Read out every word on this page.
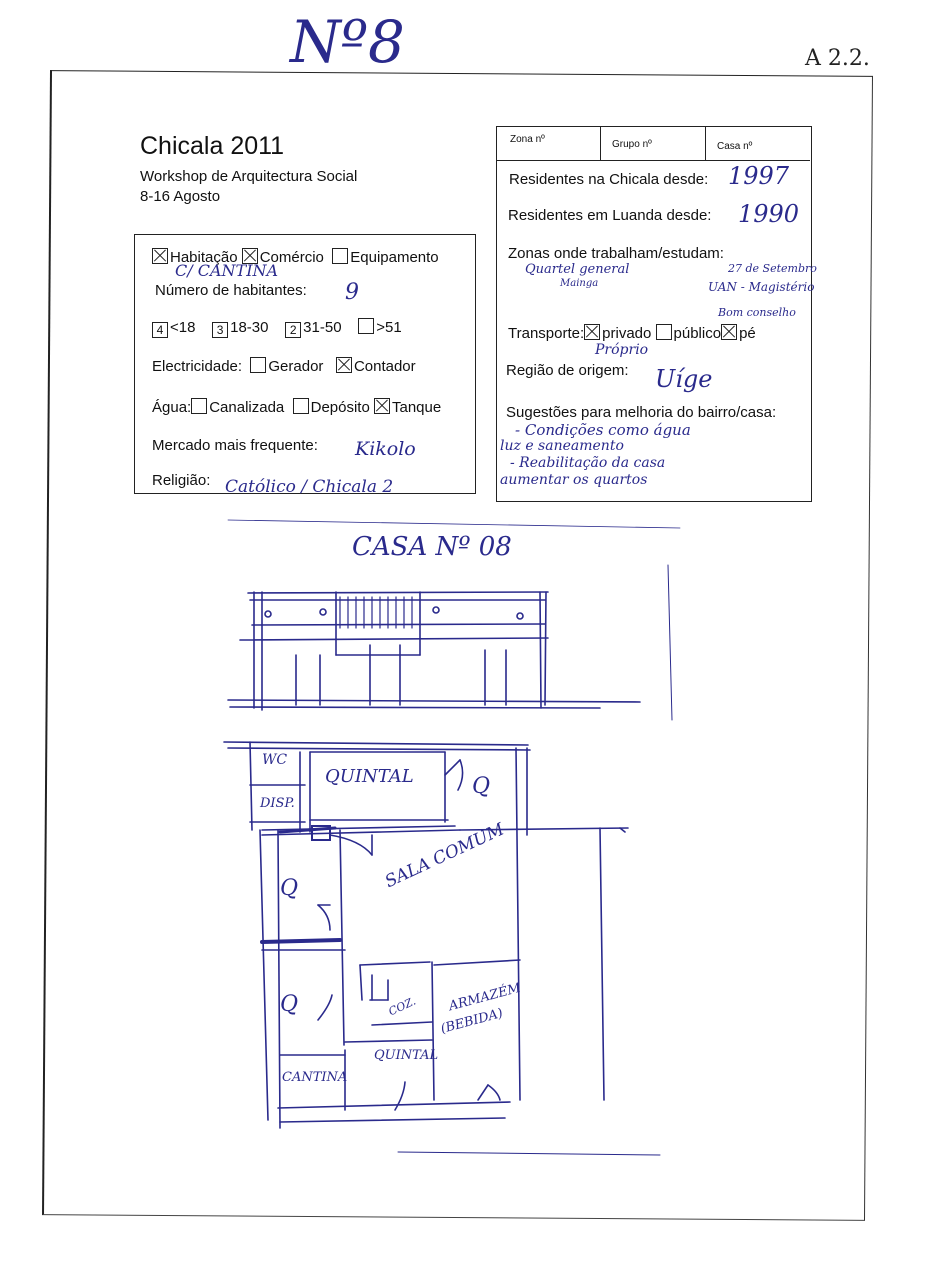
Nº8	A 2.2.
Chicala 2011
Workshop de Arquitectura Social
8-16 Agosto
Habitação Comércio Equipamento
C/ CANTINA
Número de habitantes: 9
4 <18 3 18-30 2 31-50 >51
Electricidade: Gerador Contador
Água: Canalizada Depósito Tanque
Mercado mais frequente: Kikolo
Religião: Católico / Chicala 2
Zona nº	Grupo nº	Casa nº
Residentes na Chicala desde: 1997
Residentes em Luanda desde: 1990
Zonas onde trabalham/estudam:
Quartel general
Mainga
27 de Setembro
UAN - Magistério
Bom conselho
Transporte: privado público pé
Próprio
Região de origem: Uíge
Sugestões para melhoria do bairro/casa:
- Condições como água
luz e saneamento
- Reabilitação da casa
aumentar os quartos
CASA Nº 08
WC
DISP.
QUINTAL	Q
Q
Q
SALA COMUM
COZ. ARMAZÉM
(BEBIDA)
CANTINA
QUINTAL
